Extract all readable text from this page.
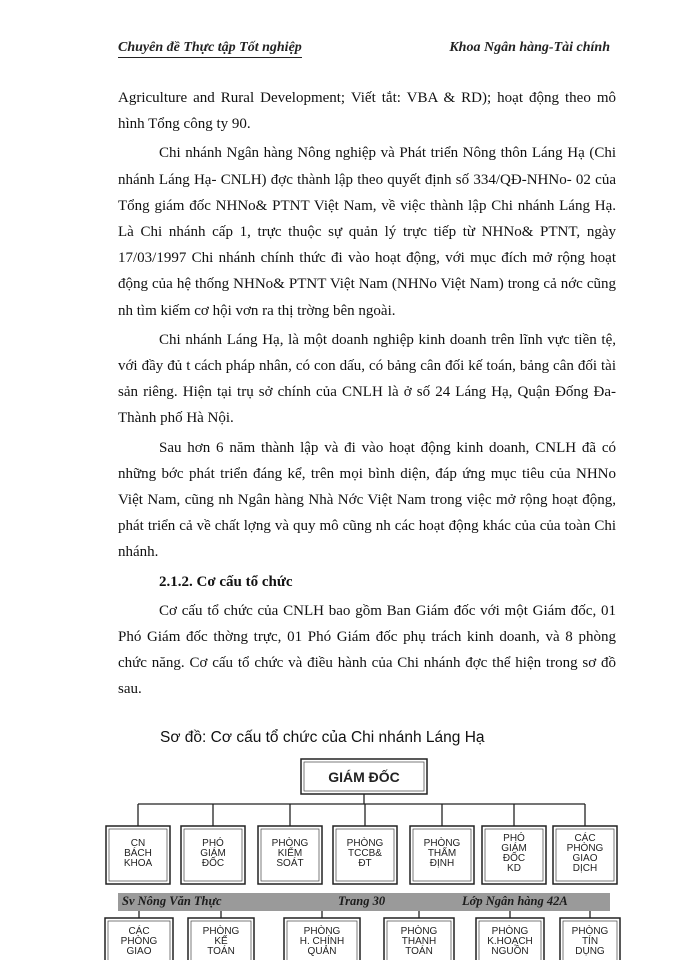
Chuyên đề Thực tập Tốt nghiệp	Khoa Ngân hàng-Tài chính

Agriculture and Rural Development; Viết tắt: VBA & RD); hoạt động theo mô hình Tổng công ty 90.

Chi nhánh Ngân hàng Nông nghiệp và Phát triển Nông thôn Láng Hạ (Chi nhánh Láng Hạ- CNLH) đợc thành lập theo quyết định số 334/QĐ-NHNo- 02 của Tổng giám đốc NHNo& PTNT Việt Nam, về việc thành lập Chi nhánh Láng Hạ. Là Chi nhánh cấp 1, trực thuộc sự quản lý trực tiếp từ NHNo& PTNT, ngày 17/03/1997 Chi nhánh chính thức đi vào hoạt động, với mục đích mở rộng hoạt động của hệ thống NHNo& PTNT Việt Nam (NHNo Việt Nam) trong cả nớc cũng nh tìm kiếm cơ hội vơn ra thị trờng bên ngoài.

Chi nhánh Láng Hạ, là một doanh nghiệp kinh doanh trên lĩnh vực tiền tệ, với đầy đủ t cách pháp nhân, có con dấu, có bảng cân đối kế toán, bảng cân đối tài sản riêng. Hiện tại trụ sở chính của CNLH là ở số 24 Láng Hạ, Quận Đống Đa- Thành phố Hà Nội.

Sau hơn 6 năm thành lập và đi vào hoạt động kinh doanh, CNLH đã có những bớc phát triển đáng kể, trên mọi bình diện, đáp ứng mục tiêu của NHNo Việt Nam, cũng nh Ngân hàng Nhà Nớc Việt Nam trong việc mở rộng hoạt động, phát triển cả về chất lợng và quy mô cũng nh các hoạt động khác của của toàn Chi nhánh.

2.1.2. Cơ cấu tổ chức

Cơ cấu tổ chức của CNLH bao gồm Ban Giám đốc với một Giám đốc, 01 Phó Giám đốc thờng trực, 01 Phó Giám đốc phụ trách kinh doanh, và 8 phòng chức năng. Cơ cấu tổ chức và điều hành của Chi nhánh đợc thể hiện trong sơ đồ sau.

Sơ đồ: Cơ cấu tổ chức của Chi nhánh Láng Hạ
GIÁM ĐỐC
CN
BÁCH
KHOA
PHÓ
GIÁM
ĐỐC
PHÒNG
KIỂM
SOÁT
PHÒNG
TCCB&
ĐT
PHÒNG
THẨM
ĐỊNH
PHÓ
GIÁM
ĐỐC
KD
CÁC
PHÒNG
GIAO
DỊCH
CÁC
PHÒNG
GIAO
PHÒNG
KẾ
TOÁN
PHÒNG
H. CHÍNH
QUẢN
PHÒNG
THANH
TOÁN
PHÒNG
K.HOẠCH
NGUỒN
PHÒNG
TÍN
DỤNG
Sv Nông Văn Thực	Trang 30	Lớp Ngân hàng 42A
